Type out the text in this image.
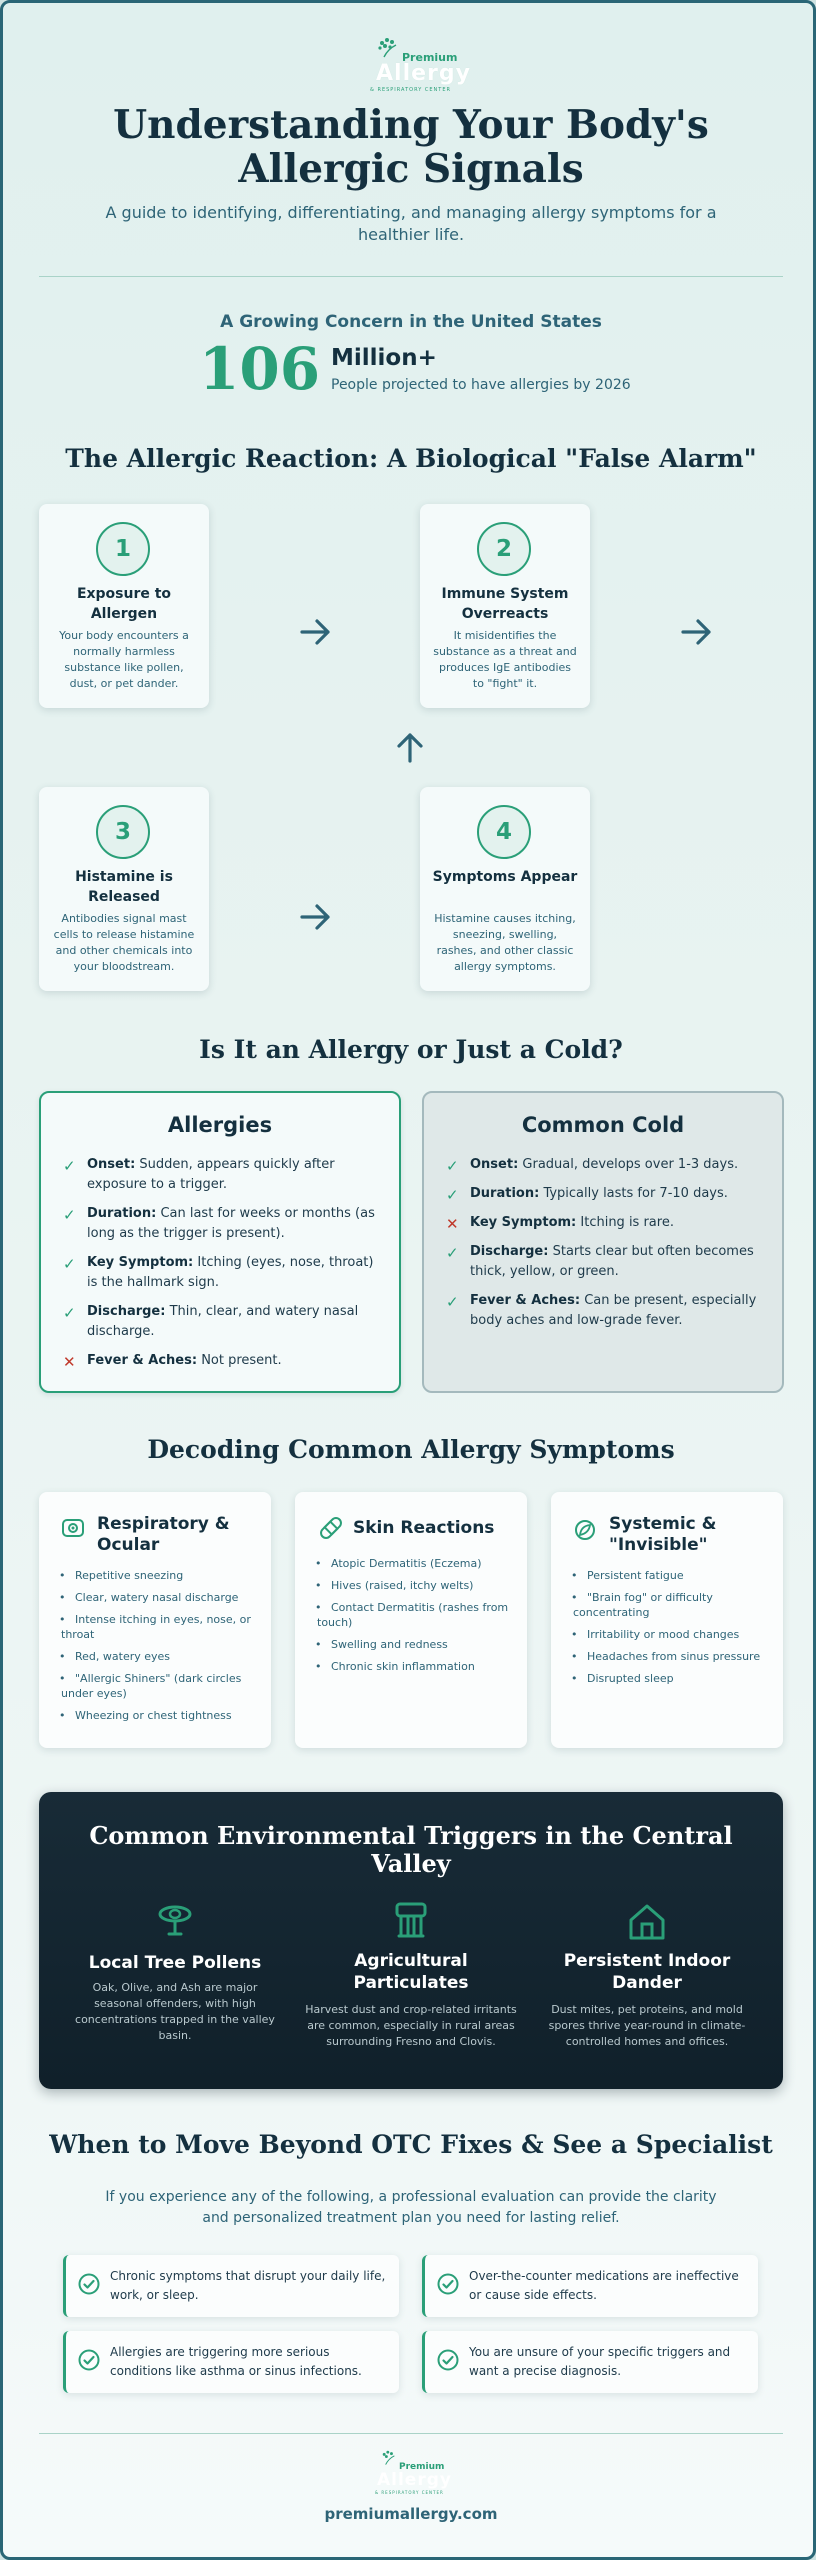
Premium
Allergy
& RESPIRATORY CENTER
Understanding Your Body's Allergic Signals

A guide to identifying, differentiating, and managing allergy symptoms for a healthier life.

A Growing Concern in the United States
106 Million+
People projected to have allergies by 2026
The Allergic Reaction: A Biological "False Alarm"
1
Exposure to Allergen
Your body encounters a normally harmless substance like pollen, dust, or pet dander.
2
Immune System Overreacts
It misidentifies the substance as a threat and produces IgE antibodies to "fight" it.
3
Histamine is Released
Antibodies signal mast cells to release histamine and other chemicals into your bloodstream.
4
Symptoms Appear
Histamine causes itching, sneezing, swelling, rashes, and other classic allergy symptoms.
Is It an Allergy or Just a Cold?
Allergies
✓ Onset: Sudden, appears quickly after exposure to a trigger.
✓ Duration: Can last for weeks or months (as long as the trigger is present).
✓ Key Symptom: Itching (eyes, nose, throat) is the hallmark sign.
✓ Discharge: Thin, clear, and watery nasal discharge.
✕ Fever & Aches: Not present.
Common Cold
✓ Onset: Gradual, develops over 1-3 days.
✓ Duration: Typically lasts for 7-10 days.
✕ Key Symptom: Itching is rare.
✓ Discharge: Starts clear but often becomes thick, yellow, or green.
✓ Fever & Aches: Can be present, especially body aches and low-grade fever.
Decoding Common Allergy Symptoms
Respiratory & Ocular
• Repetitive sneezing
• Clear, watery nasal discharge
• Intense itching in eyes, nose, or throat
• Red, watery eyes
• "Allergic Shiners" (dark circles under eyes)
• Wheezing or chest tightness
Skin Reactions
• Atopic Dermatitis (Eczema)
• Hives (raised, itchy welts)
• Contact Dermatitis (rashes from touch)
• Swelling and redness
• Chronic skin inflammation
Systemic & "Invisible"
• Persistent fatigue
• "Brain fog" or difficulty concentrating
• Irritability or mood changes
• Headaches from sinus pressure
• Disrupted sleep
Common Environmental Triggers in the Central Valley
Local Tree Pollens
Oak, Olive, and Ash are major seasonal offenders, with high concentrations trapped in the valley basin.
Agricultural Particulates
Harvest dust and crop-related irritants are common, especially in rural areas surrounding Fresno and Clovis.
Persistent Indoor Dander
Dust mites, pet proteins, and mold spores thrive year-round in climate-controlled homes and offices.
When to Move Beyond OTC Fixes & See a Specialist

If you experience any of the following, a professional evaluation can provide the clarity and personalized treatment plan you need for lasting relief.

Chronic symptoms that disrupt your daily life, work, or sleep.
Over-the-counter medications are ineffective or cause side effects.
Allergies are triggering more serious conditions like asthma or sinus infections.
You are unsure of your specific triggers and want a precise diagnosis.
Premium
Allergy
& RESPIRATORY CENTER
premiumallergy.com
